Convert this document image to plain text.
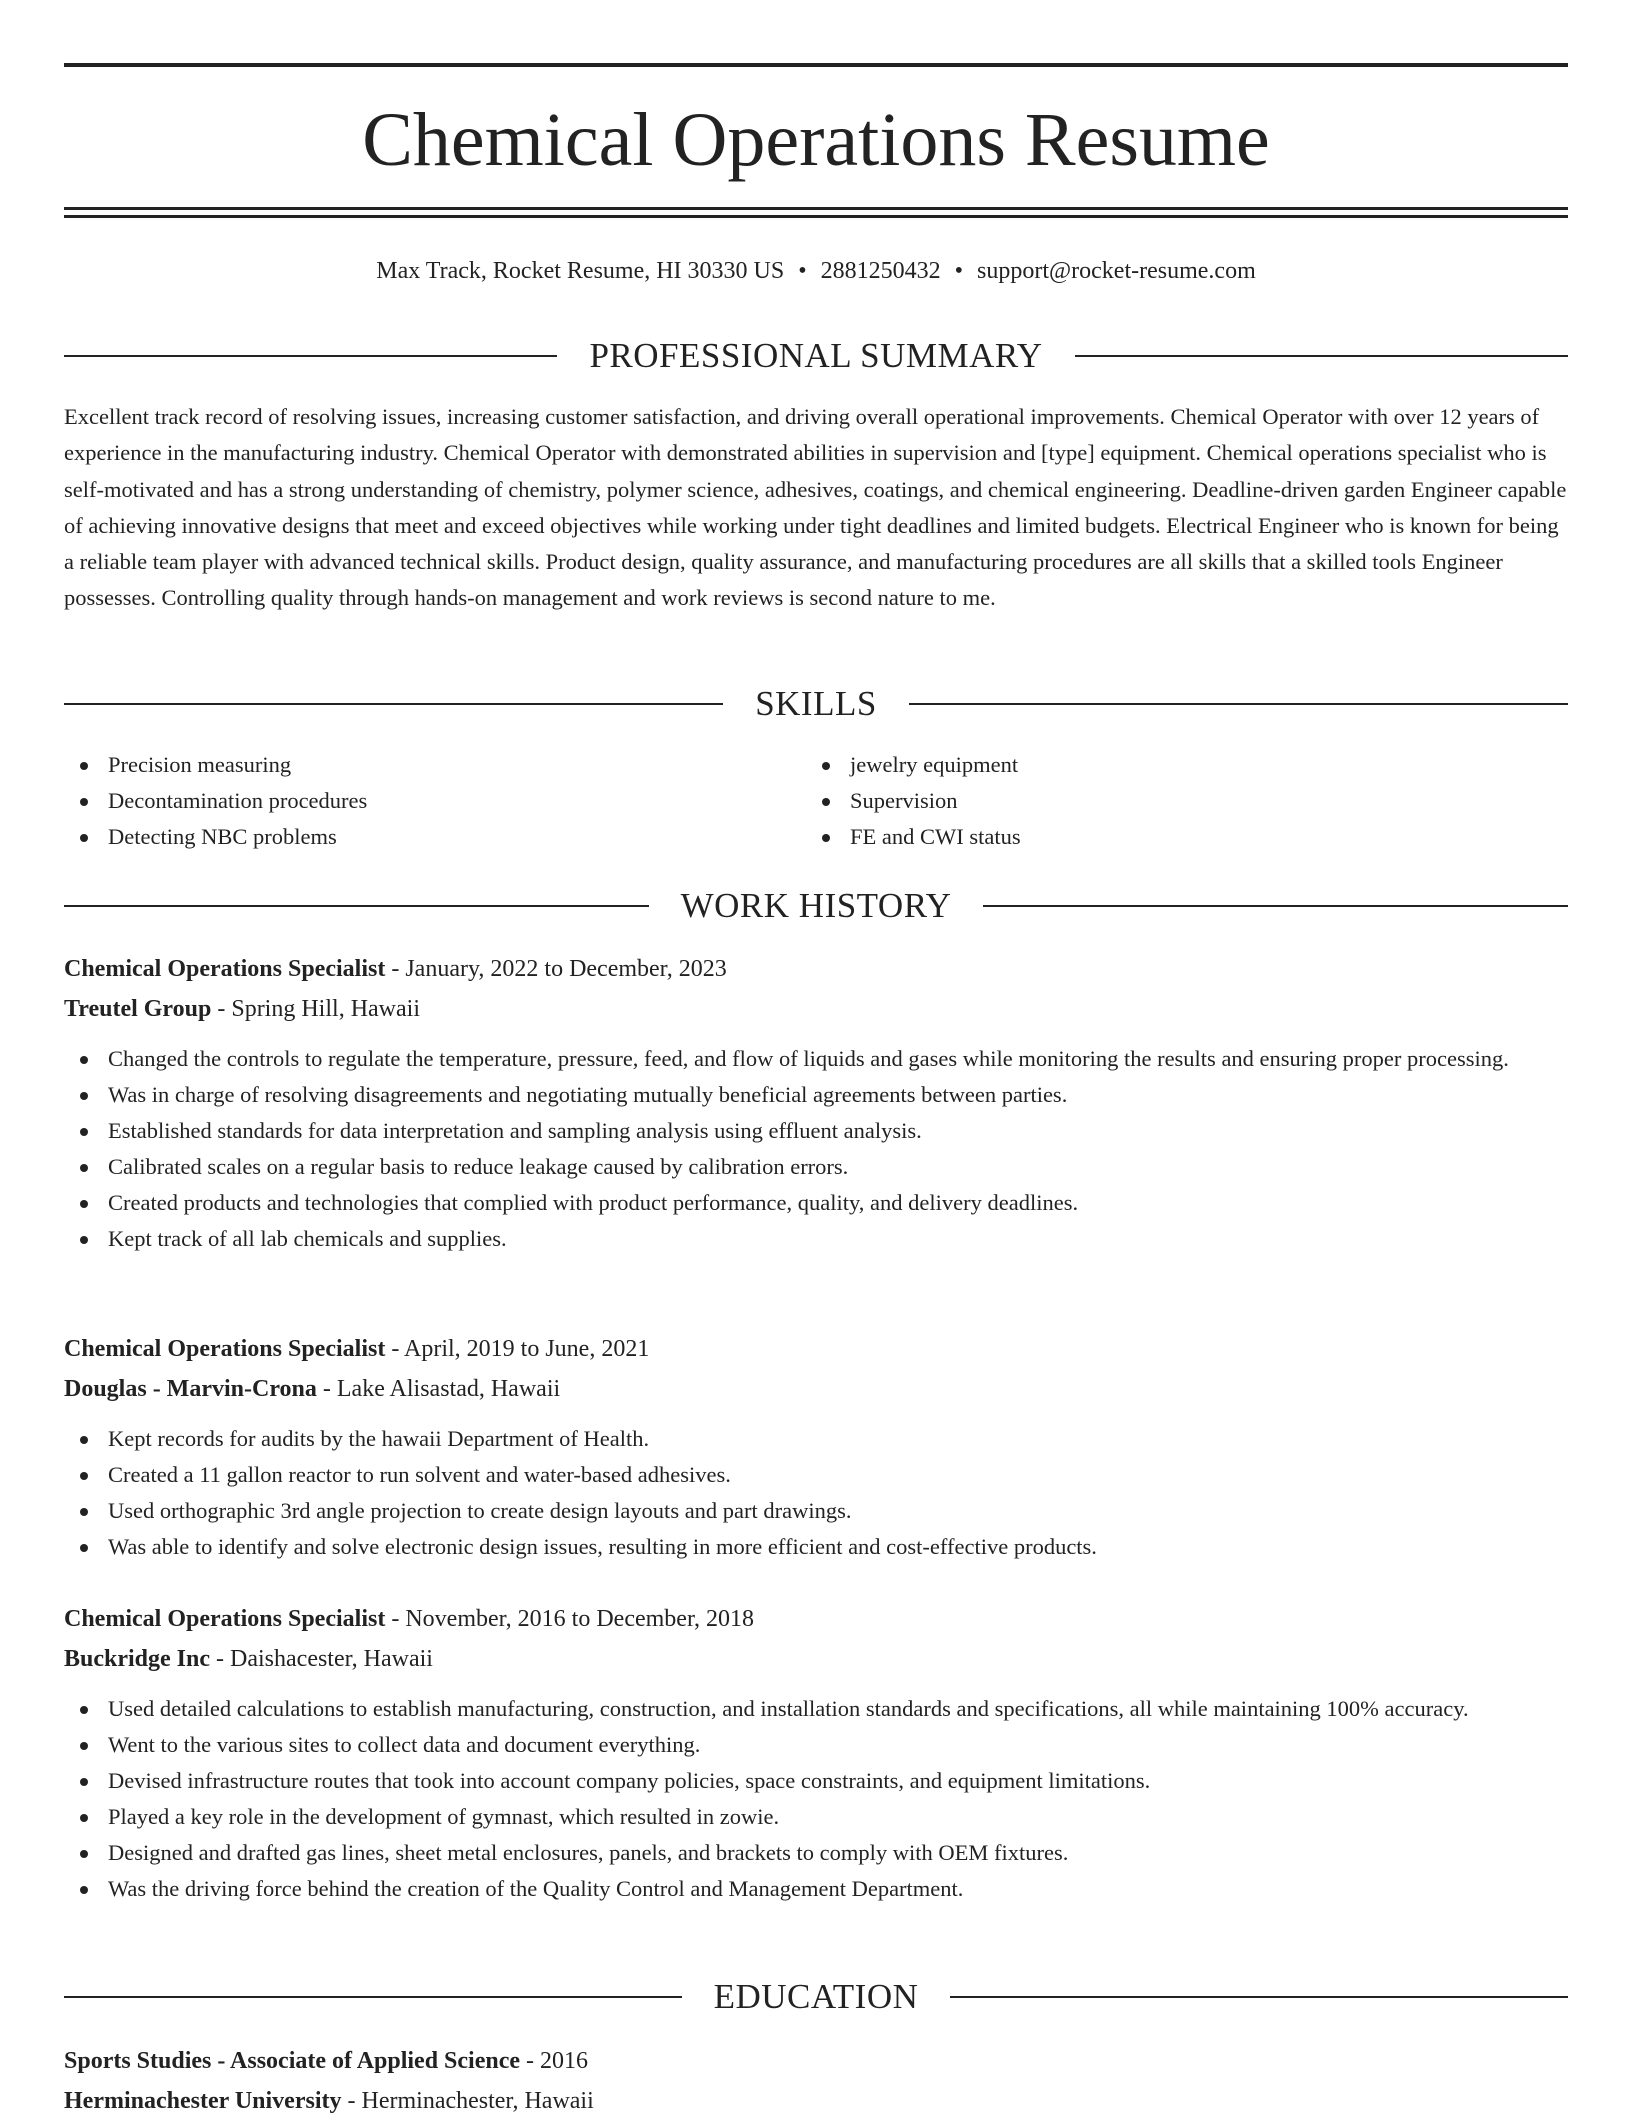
Chemical Operations Resume
Max Track, Rocket Resume, HI 30330 US • 2881250432 • support@rocket-resume.com
PROFESSIONAL SUMMARY

Excellent track record of resolving issues, increasing customer satisfaction, and driving overall operational improvements. Chemical Operator with over 12 years of experience in the manufacturing industry. Chemical Operator with demonstrated abilities in supervision and [type] equipment. Chemical operations specialist who is self-motivated and has a strong understanding of chemistry, polymer science, adhesives, coatings, and chemical engineering. Deadline-driven garden Engineer capable of achieving innovative designs that meet and exceed objectives while working under tight deadlines and limited budgets. Electrical Engineer who is known for being a reliable team player with advanced technical skills. Product design, quality assurance, and manufacturing procedures are all skills that a skilled tools Engineer possesses. Controlling quality through hands-on management and work reviews is second nature to me.

SKILLS
Precision measuring
Decontamination procedures
Detecting NBC problems
jewelry equipment
Supervision
FE and CWI status
WORK HISTORY

Chemical Operations Specialist - January, 2022 to December, 2023

Treutel Group - Spring Hill, Hawaii

Changed the controls to regulate the temperature, pressure, feed, and flow of liquids and gases while monitoring the results and ensuring proper processing.
Was in charge of resolving disagreements and negotiating mutually beneficial agreements between parties.
Established standards for data interpretation and sampling analysis using effluent analysis.
Calibrated scales on a regular basis to reduce leakage caused by calibration errors.
Created products and technologies that complied with product performance, quality, and delivery deadlines.
Kept track of all lab chemicals and supplies.

Chemical Operations Specialist - April, 2019 to June, 2021

Douglas - Marvin-Crona - Lake Alisastad, Hawaii

Kept records for audits by the hawaii Department of Health.
Created a 11 gallon reactor to run solvent and water-based adhesives.
Used orthographic 3rd angle projection to create design layouts and part drawings.
Was able to identify and solve electronic design issues, resulting in more efficient and cost-effective products.

Chemical Operations Specialist - November, 2016 to December, 2018

Buckridge Inc - Daishacester, Hawaii

Used detailed calculations to establish manufacturing, construction, and installation standards and specifications, all while maintaining 100% accuracy.
Went to the various sites to collect data and document everything.
Devised infrastructure routes that took into account company policies, space constraints, and equipment limitations.
Played a key role in the development of gymnast, which resulted in zowie.
Designed and drafted gas lines, sheet metal enclosures, panels, and brackets to comply with OEM fixtures.
Was the driving force behind the creation of the Quality Control and Management Department.
EDUCATION

Sports Studies - Associate of Applied Science - 2016

Herminachester University - Herminachester, Hawaii
